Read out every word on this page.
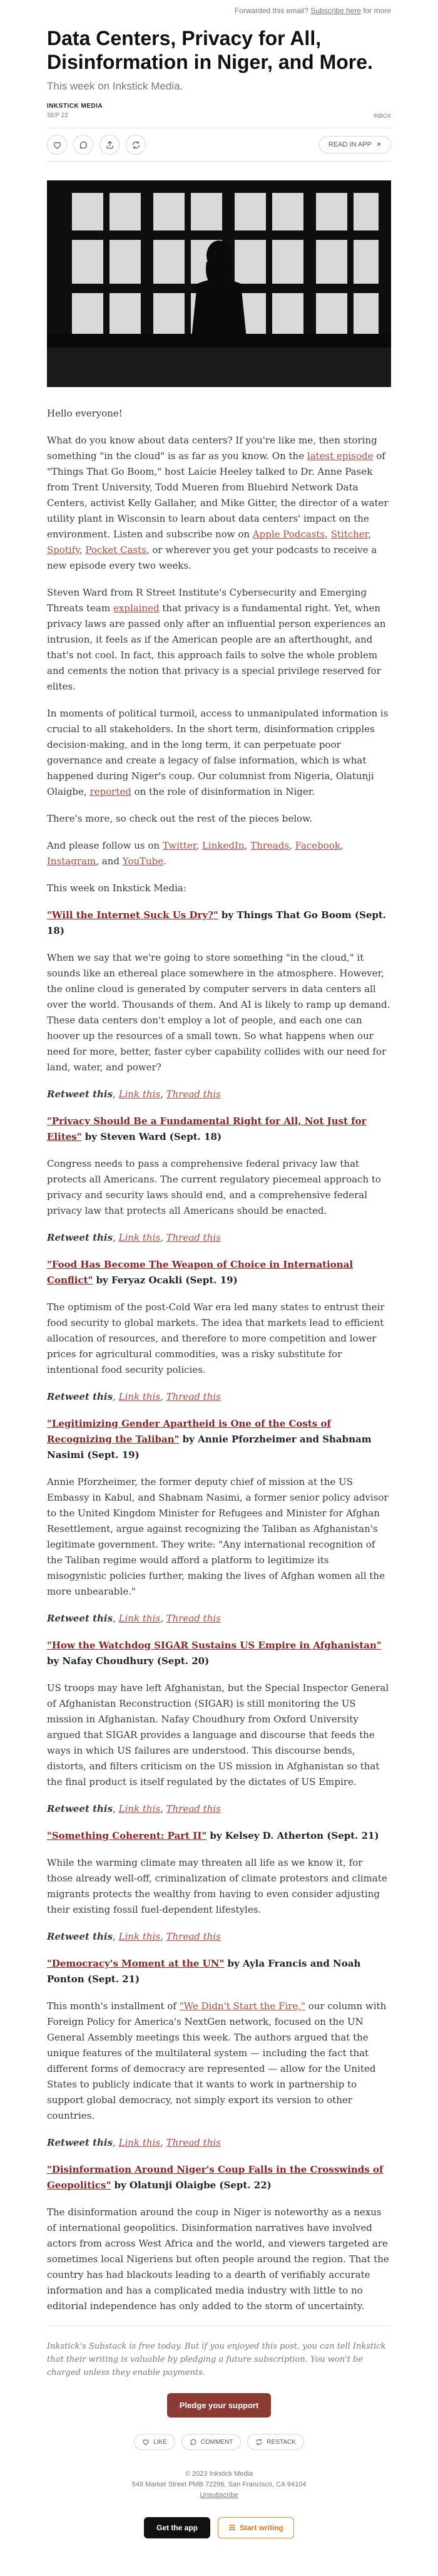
Forwarded this email? Subscribe here for more
Data Centers, Privacy for All, Disinformation in Niger, and More.
This week on Inkstick Media.
INKSTICK MEDIA
SEP 22	INBOX
READ IN APP

Hello everyone!

What do you know about data centers? If you're like me, then storing something "in the cloud" is as far as you know. On the latest episode of "Things That Go Boom," host Laicie Heeley talked to Dr. Anne Pasek from Trent University, Todd Mueren from Bluebird Network Data Centers, activist Kelly Gallaher, and Mike Gitter, the director of a water utility plant in Wisconsin to learn about data centers' impact on the environment. Listen and subscribe now on Apple Podcasts, Stitcher, Spotify, Pocket Casts, or wherever you get your podcasts to receive a new episode every two weeks.

Steven Ward from R Street Institute's Cybersecurity and Emerging Threats team explained that privacy is a fundamental right. Yet, when privacy laws are passed only after an influential person experiences an intrusion, it feels as if the American people are an afterthought, and that's not cool. In fact, this approach fails to solve the whole problem and cements the notion that privacy is a special privilege reserved for elites.

In moments of political turmoil, access to unmanipulated information is crucial to all stakeholders. In the short term, disinformation cripples decision-making, and in the long term, it can perpetuate poor governance and create a legacy of false information, which is what happened during Niger's coup. Our columnist from Nigeria, Olatunji Olaigbe, reported on the role of disinformation in Niger.

There's more, so check out the rest of the pieces below.

And please follow us on Twitter, LinkedIn, Threads, Facebook, Instagram, and YouTube.

This week on Inkstick Media:

"Will the Internet Suck Us Dry?" by Things That Go Boom (Sept. 18)

When we say that we're going to store something "in the cloud," it sounds like an ethereal place somewhere in the atmosphere. However, the online cloud is generated by computer servers in data centers all over the world. Thousands of them. And AI is likely to ramp up demand. These data centers don't employ a lot of people, and each one can hoover up the resources of a small town. So what happens when our need for more, better, faster cyber capability collides with our need for land, water, and power?

Retweet this, Link this, Thread this

"Privacy Should Be a Fundamental Right for All, Not Just for Elites" by Steven Ward (Sept. 18)

Congress needs to pass a comprehensive federal privacy law that protects all Americans. The current regulatory piecemeal approach to privacy and security laws should end, and a comprehensive federal privacy law that protects all Americans should be enacted.

Retweet this, Link this, Thread this

"Food Has Become The Weapon of Choice in International Conflict" by Feryaz Ocakli (Sept. 19)

The optimism of the post-Cold War era led many states to entrust their food security to global markets. The idea that markets lead to efficient allocation of resources, and therefore to more competition and lower prices for agricultural commodities, was a risky substitute for intentional food security policies.

Retweet this, Link this, Thread this

"Legitimizing Gender Apartheid is One of the Costs of Recognizing the Taliban" by Annie Pforzheimer and Shabnam Nasimi (Sept. 19)

Annie Pforzheimer, the former deputy chief of mission at the US Embassy in Kabul, and Shabnam Nasimi, a former senior policy advisor to the United Kingdom Minister for Refugees and Minister for Afghan Resettlement, argue against recognizing the Taliban as Afghanistan's legitimate government. They write: "Any international recognition of the Taliban regime would afford a platform to legitimize its misogynistic policies further, making the lives of Afghan women all the more unbearable."

Retweet this, Link this, Thread this

"How the Watchdog SIGAR Sustains US Empire in Afghanistan" by Nafay Choudhury (Sept. 20)

US troops may have left Afghanistan, but the Special Inspector General of Afghanistan Reconstruction (SIGAR) is still monitoring the US mission in Afghanistan. Nafay Choudhury from Oxford University argued that SIGAR provides a language and discourse that feeds the ways in which US failures are understood. This discourse bends, distorts, and filters criticism on the US mission in Afghanistan so that the final product is itself regulated by the dictates of US Empire.

Retweet this, Link this, Thread this

"Something Coherent: Part II" by Kelsey D. Atherton (Sept. 21)

While the warming climate may threaten all life as we know it, for those already well-off, criminalization of climate protestors and climate migrants protects the wealthy from having to even consider adjusting their existing fossil fuel-dependent lifestyles.

Retweet this, Link this, Thread this

"Democracy's Moment at the UN" by Ayla Francis and Noah Ponton (Sept. 21)

This month's installment of "We Didn't Start the Fire," our column with Foreign Policy for America's NextGen network, focused on the UN General Assembly meetings this week. The authors argued that the unique features of the multilateral system — including the fact that different forms of democracy are represented — allow for the United States to publicly indicate that it wants to work in partnership to support global democracy, not simply export its version to other countries.

Retweet this, Link this, Thread this

"Disinformation Around Niger's Coup Falls in the Crosswinds of Geopolitics" by Olatunji Olaigbe (Sept. 22)

The disinformation around the coup in Niger is noteworthy as a nexus of international geopolitics. Disinformation narratives have involved actors from across West Africa and the world, and viewers targeted are sometimes local Nigeriens but often people around the region. That the country has had blackouts leading to a dearth of verifiably accurate information and has a complicated media industry with little to no editorial independence has only added to the storm of uncertainty.

Inkstick's Substack is free today. But if you enjoyed this post, you can tell Inkstick that their writing is valuable by pledging a future subscription. You won't be charged unless they enable payments.

Pledge your support
LIKE	COMMENT	RESTACK
© 2023 Inkstick Media
548 Market Street PMB 72296, San Francisco, CA 94104
Unsubscribe
Get the app	Start writing
